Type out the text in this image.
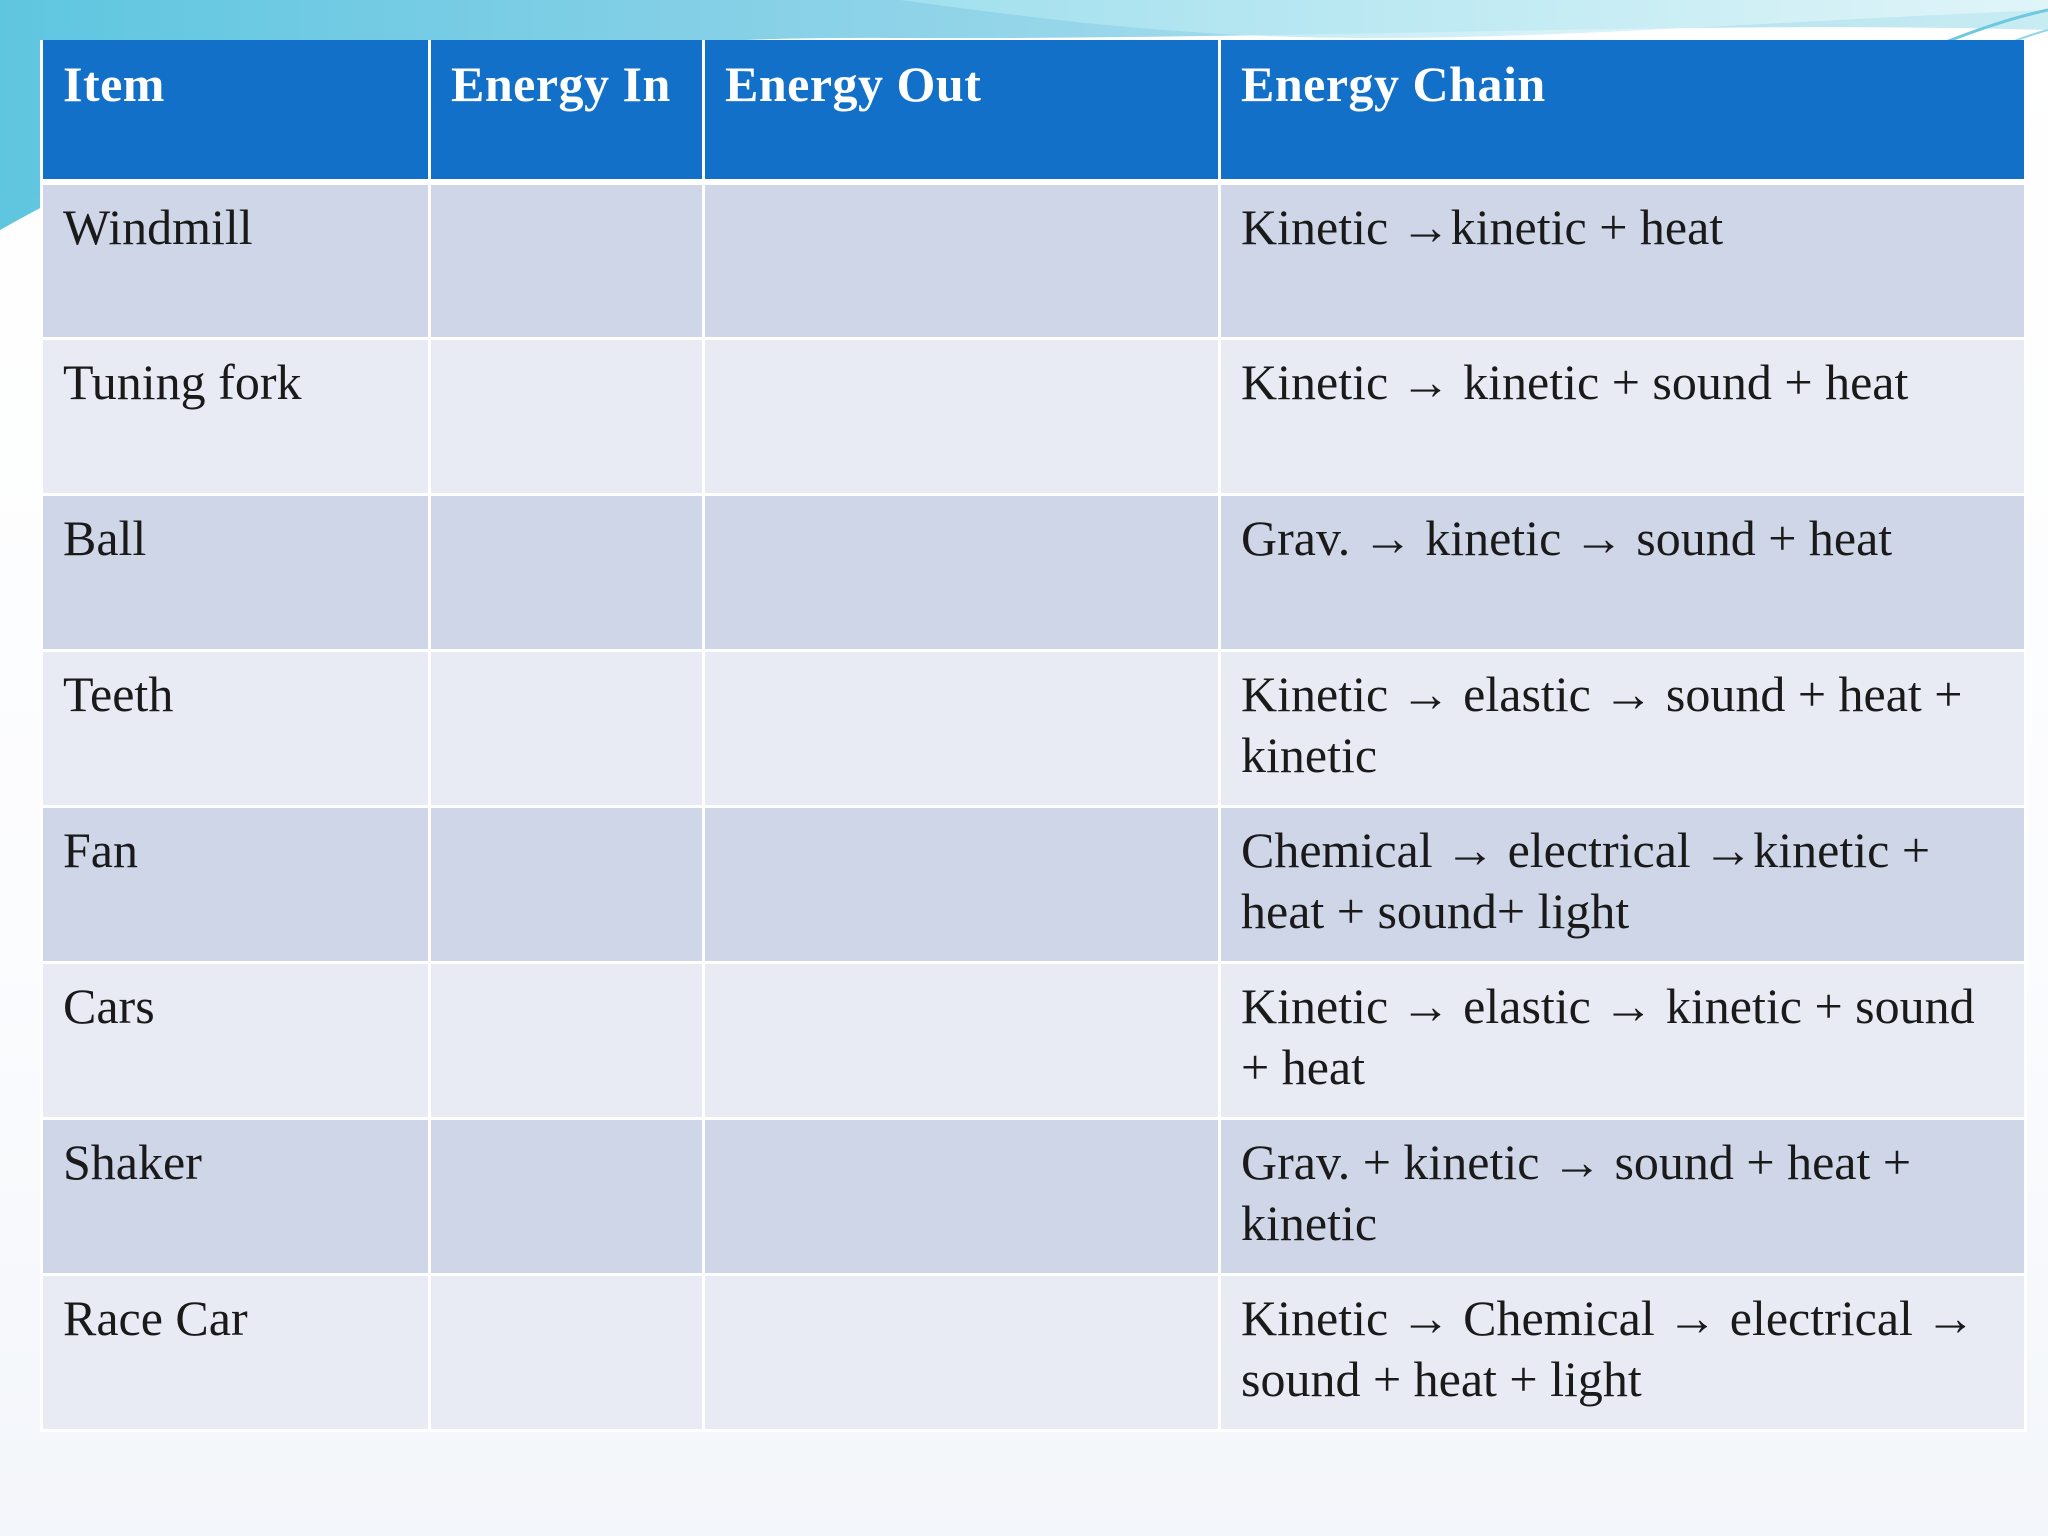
Item	Energy In	Energy Out	Energy Chain
Windmill			Kinetic →kinetic + heat
Tuning fork			Kinetic → kinetic + sound + heat
Ball			Grav. → kinetic → sound + heat
Teeth			Kinetic → elastic → sound + heat + kinetic
Fan			Chemical → electrical →kinetic + heat + sound+ light
Cars			Kinetic → elastic → kinetic + sound + heat
Shaker			Grav. + kinetic → sound + heat + kinetic
Race Car			Kinetic → Chemical → electrical → sound + heat + light
